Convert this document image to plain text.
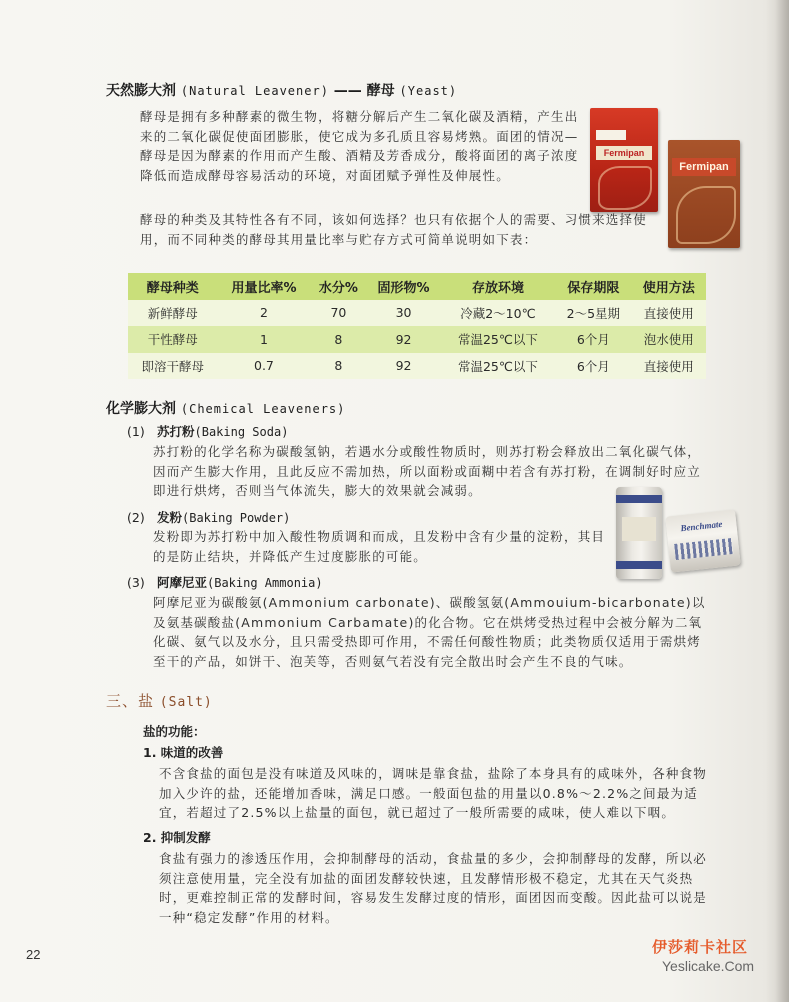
天然膨大剂 (Natural Leavener) —— 酵母 (Yeast)
酵母是拥有多种酵素的微生物，将糖分解后产生二氧化碳及酒精，产生出来的二氧化碳促使面团膨胀，使它成为多孔质且容易烤熟。面团的情况—酵母是因为酵素的作用而产生酸、酒精及芳香成分，酸将面团的离子浓度降低而造成酵母容易活动的环境，对面团赋予弹性及伸展性。
Fermipan
Fermipan
酵母的种类及其特性各有不同，该如何选择？也只有依据个人的需要、习惯来选择使用，而不同种类的酵母其用量比率与贮存方式可简单说明如下表：
酵母种类	用量比率%	水分%	固形物%	存放环境	保存期限	使用方法
新鲜酵母	2	70	30	冷藏2～10℃	2～5星期	直接使用
干性酵母	1	8	92	常温25℃以下	6个月	泡水使用
即溶干酵母	0.7	8	92	常温25℃以下	6个月	直接使用
化学膨大剂 (Chemical Leaveners)
(1) 苏打粉(Baking Soda)
苏打粉的化学名称为碳酸氢钠，若遇水分或酸性物质时，则苏打粉会释放出二氧化碳气体，因而产生膨大作用，且此反应不需加热，所以面粉或面糊中若含有苏打粉，在调制好时应立即进行烘烤，否则当气体流失，膨大的效果就会减弱。
(2) 发粉(Baking Powder)
发粉即为苏打粉中加入酸性物质调和而成，且发粉中含有少量的淀粉，其目的是防止结块，并降低产生过度膨胀的可能。
Benchmate
(3) 阿摩尼亚(Baking Ammonia)
阿摩尼亚为碳酸氨(Ammonium carbonate)、碳酸氢氨(Ammouium-bicarbonate)以及氨基碳酸盐(Ammonium Carbamate)的化合物。它在烘烤受热过程中会被分解为二氧化碳、氨气以及水分，且只需受热即可作用，不需任何酸性物质；此类物质仅适用于需烘烤至干的产品，如饼干、泡芙等，否则氨气若没有完全散出时会产生不良的气味。
三、盐 (Salt)
盐的功能：
1. 味道的改善
不含食盐的面包是没有味道及风味的，调味是靠食盐，盐除了本身具有的咸味外，各种食物加入少许的盐，还能增加香味，满足口感。一般面包盐的用量以0.8%～2.2%之间最为适宜，若超过了2.5%以上盐量的面包，就已超过了一般所需要的咸味，使人难以下咽。
2. 抑制发酵
食盐有强力的渗透压作用，会抑制酵母的活动，食盐量的多少，会抑制酵母的发酵，所以必须注意使用量，完全没有加盐的面团发酵较快速，且发酵情形极不稳定，尤其在天气炎热时，更难控制正常的发酵时间，容易发生发酵过度的情形，面团因而变酸。因此盐可以说是一种“稳定发酵”作用的材料。
22	伊莎莉卡社区
Yeslicake.Com
